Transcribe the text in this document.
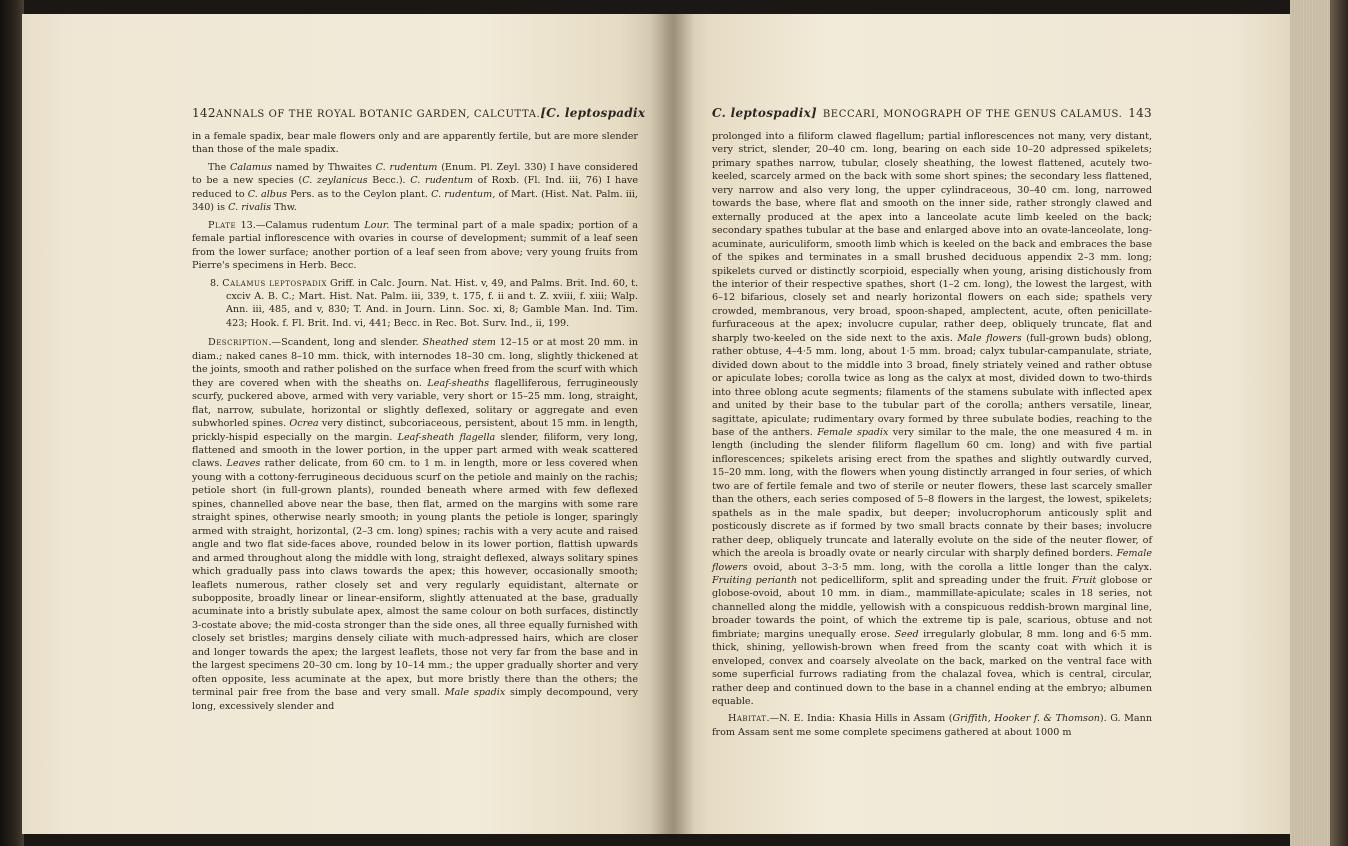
142 ANNALS OF THE ROYAL BOTANIC GARDEN, CALCUTTA. [C. leptospadix

in a female spadix, bear male flowers only and are apparently fertile, but are more slender than those of the male spadix.

The Calamus named by Thwaites C. rudentum (Enum. Pl. Zeyl. 330) I have considered to be a new species (C. zeylanicus Becc.). C. rudentum of Roxb. (Fl. Ind. iii, 76) I have reduced to C. albus Pers. as to the Ceylon plant. C. rudentum, of Mart. (Hist. Nat. Palm. iii, 340) is C. rivalis Thw.

Plate 13.—Calamus rudentum Lour. The terminal part of a male spadix; portion of a female partial inflorescence with ovaries in course of development; summit of a leaf seen from the lower surface; another portion of a leaf seen from above; very young fruits from Pierre's specimens in Herb. Becc.

8. Calamus leptospadix Griff. in Calc. Journ. Nat. Hist. v, 49, and Palms. Brit. Ind. 60, t. cxciv A. B. C.; Mart. Hist. Nat. Palm. iii, 339, t. 175, f. ii and t. Z. xviii, f. xiii; Walp. Ann. iii, 485, and v, 830; T. And. in Journ. Linn. Soc. xi, 8; Gamble Man. Ind. Tim. 423; Hook. f. Fl. Brit. Ind. vi, 441; Becc. in Rec. Bot. Surv. Ind., ii, 199.

Description.—Scandent, long and slender. Sheathed stem 12–15 or at most 20 mm. in diam.; naked canes 8–10 mm. thick, with internodes 18–30 cm. long, slightly thickened at the joints, smooth and rather polished on the surface when freed from the scurf with which they are covered when with the sheaths on. Leaf-sheaths flagelliferous, ferrugineously scurfy, puckered above, armed with very variable, very short or 15–25 mm. long, straight, flat, narrow, subulate, horizontal or slightly deflexed, solitary or aggregate and even subwhorled spines. Ocrea very distinct, subcoriaceous, persistent, about 15 mm. in length, prickly-hispid especially on the margin. Leaf-sheath flagella slender, filiform, very long, flattened and smooth in the lower portion, in the upper part armed with weak scattered claws. Leaves rather delicate, from 60 cm. to 1 m. in length, more or less covered when young with a cottony-ferrugineous deciduous scurf on the petiole and mainly on the rachis; petiole short (in full-grown plants), rounded beneath where armed with few deflexed spines, channelled above near the base, then flat, armed on the margins with some rare straight spines, otherwise nearly smooth; in young plants the petiole is longer, sparingly armed with straight, horizontal, (2–3 cm. long) spines; rachis with a very acute and raised angle and two flat side-faces above, rounded below in its lower portion, flattish upwards and armed throughout along the middle with long, straight deflexed, always solitary spines which gradually pass into claws towards the apex; this however, occasionally smooth; leaflets numerous, rather closely set and very regularly equidistant, alternate or subopposite, broadly linear or linear-ensiform, slightly attenuated at the base, gradually acuminate into a bristly subulate apex, almost the same colour on both surfaces, distinctly 3-costate above; the mid-costa stronger than the side ones, all three equally furnished with closely set bristles; margins densely ciliate with much-adpressed hairs, which are closer and longer towards the apex; the largest leaflets, those not very far from the base and in the largest specimens 20–30 cm. long by 10–14 mm.; the upper gradually shorter and very often opposite, less acuminate at the apex, but more bristly there than the others; the terminal pair free from the base and very small. Male spadix simply decompound, very long, excessively slender and

C. leptospadix] BECCARI, MONOGRAPH OF THE GENUS CALAMUS. 143

prolonged into a filiform clawed flagellum; partial inflorescences not many, very distant, very strict, slender, 20–40 cm. long, bearing on each side 10–20 adpressed spikelets; primary spathes narrow, tubular, closely sheathing, the lowest flattened, acutely two-keeled, scarcely armed on the back with some short spines; the secondary less flattened, very narrow and also very long, the upper cylindraceous, 30–40 cm. long, narrowed towards the base, where flat and smooth on the inner side, rather strongly clawed and externally produced at the apex into a lanceolate acute limb keeled on the back; secondary spathes tubular at the base and enlarged above into an ovate-lanceolate, long-acuminate, auriculiform, smooth limb which is keeled on the back and embraces the base of the spikes and terminates in a small brushed deciduous appendix 2–3 mm. long; spikelets curved or distinctly scorpioid, especially when young, arising distichously from the interior of their respective spathes, short (1–2 cm. long), the lowest the largest, with 6–12 bifarious, closely set and nearly horizontal flowers on each side; spathels very crowded, membranous, very broad, spoon-shaped, amplectent, acute, often penicillate-furfuraceous at the apex; involucre cupular, rather deep, obliquely truncate, flat and sharply two-keeled on the side next to the axis. Male flowers (full-grown buds) oblong, rather obtuse, 4–4·5 mm. long, about 1·5 mm. broad; calyx tubular-campanulate, striate, divided down about to the middle into 3 broad, finely striately veined and rather obtuse or apiculate lobes; corolla twice as long as the calyx at most, divided down to two-thirds into three oblong acute segments; filaments of the stamens subulate with inflected apex and united by their base to the tubular part of the corolla; anthers versatile, linear, sagittate, apiculate; rudimentary ovary formed by three subulate bodies, reaching to the base of the anthers. Female spadix very similar to the male, the one measured 4 m. in length (including the slender filiform flagellum 60 cm. long) and with five partial inflorescences; spikelets arising erect from the spathes and slightly outwardly curved, 15–20 mm. long, with the flowers when young distinctly arranged in four series, of which two are of fertile female and two of sterile or neuter flowers, these last scarcely smaller than the others, each series composed of 5–8 flowers in the largest, the lowest, spikelets; spathels as in the male spadix, but deeper; involucrophorum anticously split and posticously discrete as if formed by two small bracts connate by their bases; involucre rather deep, obliquely truncate and laterally evolute on the side of the neuter flower, of which the areola is broadly ovate or nearly circular with sharply defined borders. Female flowers ovoid, about 3–3·5 mm. long, with the corolla a little longer than the calyx. Fruiting perianth not pedicelliform, split and spreading under the fruit. Fruit globose or globose-ovoid, about 10 mm. in diam., mammillate-apiculate; scales in 18 series, not channelled along the middle, yellowish with a conspicuous reddish-brown marginal line, broader towards the point, of which the extreme tip is pale, scarious, obtuse and not fimbriate; margins unequally erose. Seed irregularly globular, 8 mm. long and 6·5 mm. thick, shining, yellowish-brown when freed from the scanty coat with which it is enveloped, convex and coarsely alveolate on the back, marked on the ventral face with some superficial furrows radiating from the chalazal foveа, which is central, circular, rather deep and continued down to the base in a channel ending at the embryo; albumen equable.

Habitat.—N. E. India: Khasia Hills in Assam (Griffith, Hooker f. & Thomson). G. Mann from Assam sent me some complete specimens gathered at about 1000 m
